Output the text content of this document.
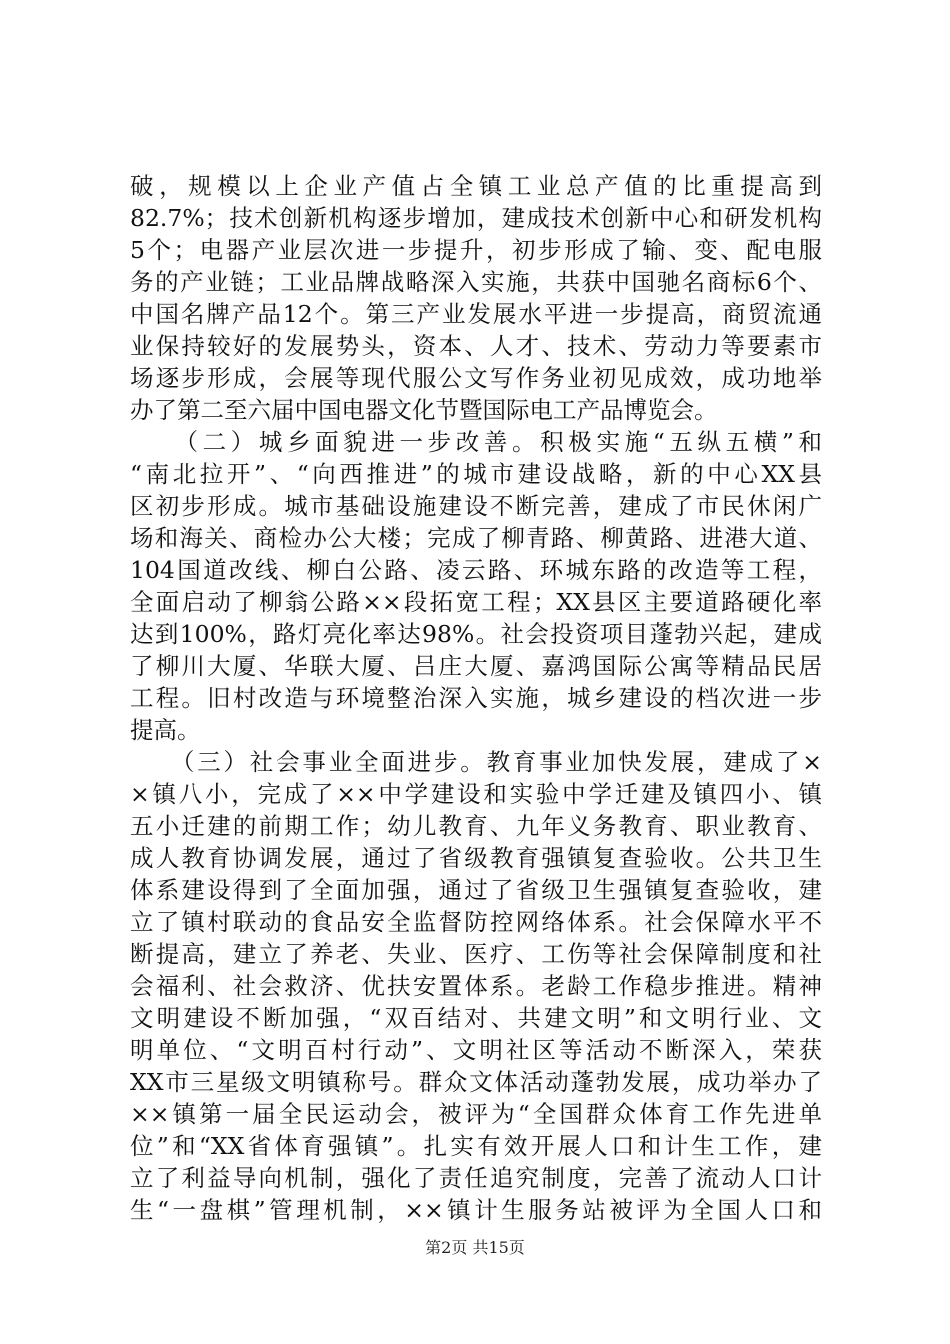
破，规模以上企业产值占全镇工业总产值的比重提高到
82.7%；技术创新机构逐步增加，建成技术创新中心和研发机构
5个；电器产业层次进一步提升，初步形成了输、变、配电服
务的产业链；工业品牌战略深入实施，共获中国驰名商标6个、
中国名牌产品12个。第三产业发展水平进一步提高，商贸流通
业保持较好的发展势头，资本、人才、技术、劳动力等要素市
场逐步形成，会展等现代服公文写作务业初见成效，成功地举
办了第二至六届中国电器文化节暨国际电工产品博览会。
　　（二）城乡面貌进一步改善。积极实施“五纵五横”和
“南北拉开”、“向西推进”的城市建设战略，新的中心XX县
区初步形成。城市基础设施建设不断完善，建成了市民休闲广
场和海关、商检办公大楼；完成了柳青路、柳黄路、进港大道、
104国道改线、柳白公路、凌云路、环城东路的改造等工程，
全面启动了柳翁公路××段拓宽工程；XX县区主要道路硬化率
达到100%，路灯亮化率达98%。社会投资项目蓬勃兴起，建成
了柳川大厦、华联大厦、吕庄大厦、嘉鸿国际公寓等精品民居
工程。旧村改造与环境整治深入实施，城乡建设的档次进一步
提高。
　　（三）社会事业全面进步。教育事业加快发展，建成了×
×镇八小，完成了××中学建设和实验中学迁建及镇四小、镇
五小迁建的前期工作；幼儿教育、九年义务教育、职业教育、
成人教育协调发展，通过了省级教育强镇复查验收。公共卫生
体系建设得到了全面加强，通过了省级卫生强镇复查验收，建
立了镇村联动的食品安全监督防控网络体系。社会保障水平不
断提高，建立了养老、失业、医疗、工伤等社会保障制度和社
会福利、社会救济、优扶安置体系。老龄工作稳步推进。精神
文明建设不断加强，“双百结对、共建文明”和文明行业、文
明单位、“文明百村行动”、文明社区等活动不断深入，荣获
XX市三星级文明镇称号。群众文体活动蓬勃发展，成功举办了
××镇第一届全民运动会，被评为“全国群众体育工作先进单
位”和“XX省体育强镇”。扎实有效开展人口和计生工作，建
立了利益导向机制，强化了责任追究制度，完善了流动人口计
生“一盘棋”管理机制，××镇计生服务站被评为全国人口和
第2页 共15页
